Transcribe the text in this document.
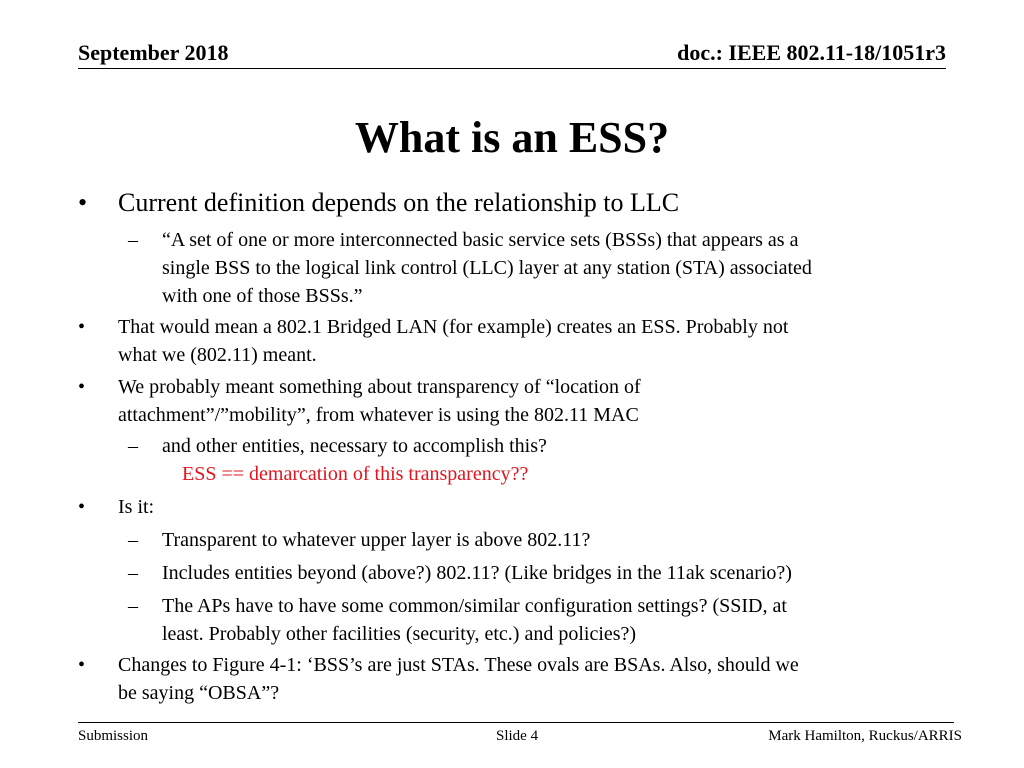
September 2018	doc.: IEEE 802.11-18/1051r3
What is an ESS?
• Current definition depends on the relationship to LLC
– “A set of one or more interconnected basic service sets (BSSs) that appears as a
single BSS to the logical link control (LLC) layer at any station (STA) associated
with one of those BSSs.”
• That would mean a 802.1 Bridged LAN (for example) creates an ESS. Probably not
what we (802.11) meant.
• We probably meant something about transparency of “location of
attachment”/”mobility”, from whatever is using the 802.11 MAC
– and other entities, necessary to accomplish this?
ESS == demarcation of this transparency??
• Is it:
– Transparent to whatever upper layer is above 802.11?
– Includes entities beyond (above?) 802.11? (Like bridges in the 11ak scenario?)
– The APs have to have some common/similar configuration settings? (SSID, at
least. Probably other facilities (security, etc.) and policies?)
• Changes to Figure 4-1: ‘BSS’s are just STAs. These ovals are BSAs. Also, should we
be saying “OBSA”?
Submission	Slide 4	Mark Hamilton, Ruckus/ARRIS
